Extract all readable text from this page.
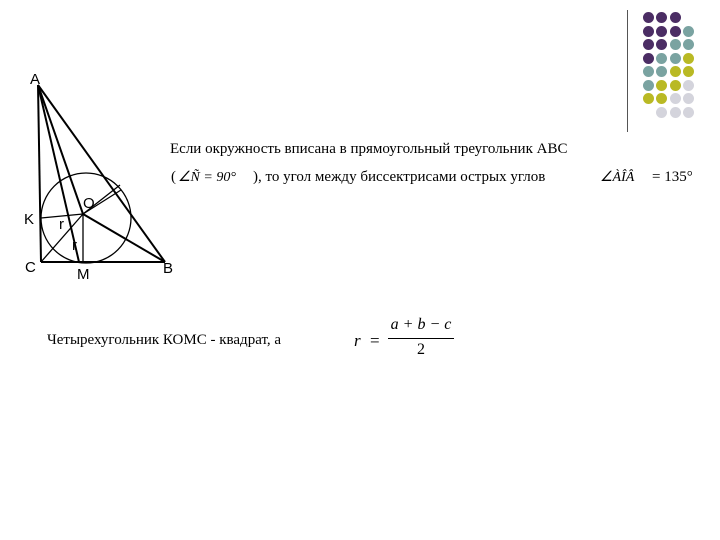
A
K
C	M	B
O
r
r
Если окружность вписана в прямоугольный треугольник ABC
( ∠Ñ = 90° ), то угол между биссектрисами острых углов	∠ÀÎÂ = 135°
Четырехугольник КОМС - квадрат, а	r =
a + b − c
2
